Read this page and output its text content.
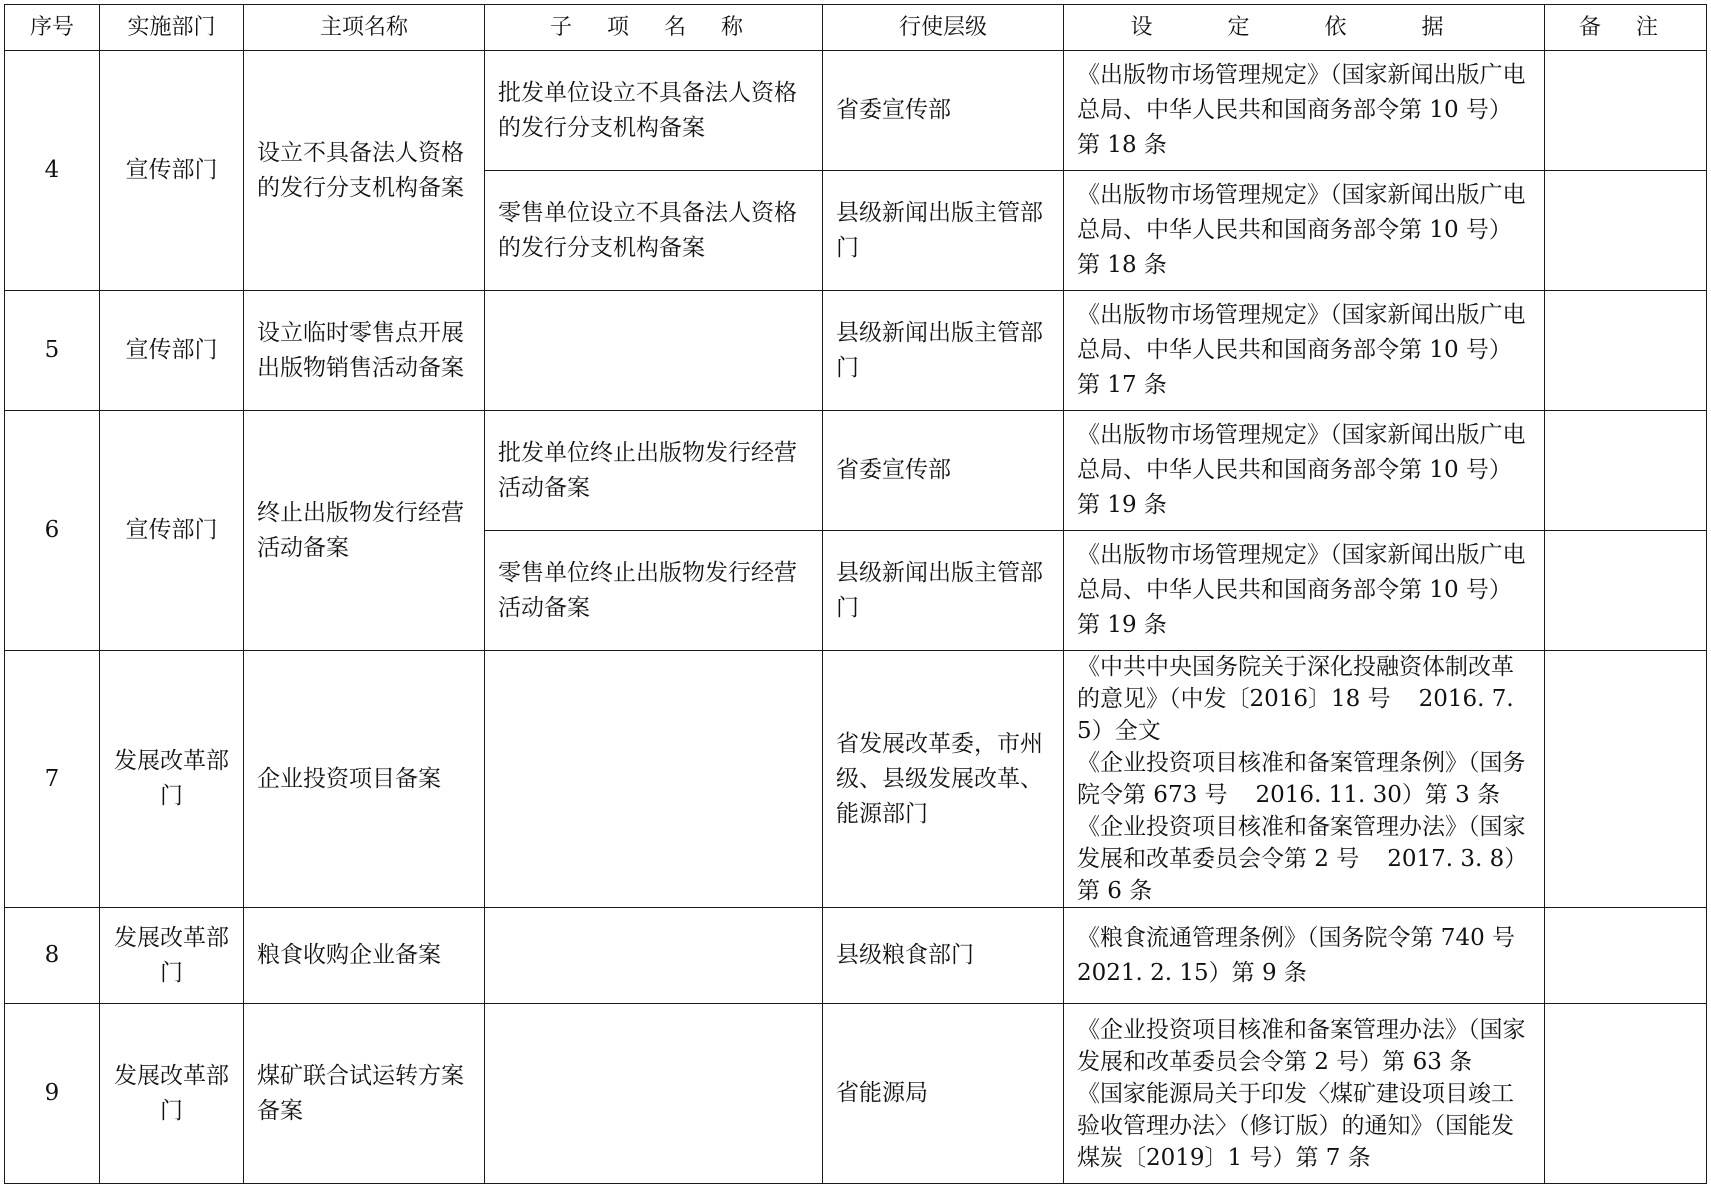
序号	实施部门	主项名称	子 项 名 称	行使层级	设 定 依 据	备 注
4	宣传部门	设立不具备法人资格的发行分支机构备案	批发单位设立不具备法人资格的发行分支机构备案	省委宣传部	《出版物市场管理规定》（国家新闻出版广电总局、中华人民共和国商务部令第 10 号）第 18 条	
			零售单位设立不具备法人资格的发行分支机构备案	县级新闻出版主管部门	《出版物市场管理规定》（国家新闻出版广电总局、中华人民共和国商务部令第 10 号）第 18 条	
5	宣传部门	设立临时零售点开展出版物销售活动备案		县级新闻出版主管部门	《出版物市场管理规定》（国家新闻出版广电总局、中华人民共和国商务部令第 10 号）第 17 条	
6	宣传部门	终止出版物发行经营活动备案	批发单位终止出版物发行经营活动备案	省委宣传部	《出版物市场管理规定》（国家新闻出版广电总局、中华人民共和国商务部令第 10 号）第 19 条	
			零售单位终止出版物发行经营活动备案	县级新闻出版主管部门	《出版物市场管理规定》（国家新闻出版广电总局、中华人民共和国商务部令第 10 号）第 19 条	
7	发展改革部门	企业投资项目备案		省发展改革委，市州级、县级发展改革、能源部门	《中共中央国务院关于深化投融资体制改革的意见》（中发〔2016〕18 号 2016. 7. 5）全文
《企业投资项目核准和备案管理条例》（国务院令第 673 号 2016. 11. 30）第 3 条
《企业投资项目核准和备案管理办法》（国家发展和改革委员会令第 2 号 2017. 3. 8）第 6 条	
8	发展改革部门	粮食收购企业备案		县级粮食部门	《粮食流通管理条例》（国务院令第 740 号 2021. 2. 15）第 9 条	
9	发展改革部门	煤矿联合试运转方案备案		省能源局	《企业投资项目核准和备案管理办法》（国家发展和改革委员会令第 2 号）第 63 条
《国家能源局关于印发〈煤矿建设项目竣工验收管理办法〉（修订版）的通知》（国能发煤炭〔2019〕1 号）第 7 条	
